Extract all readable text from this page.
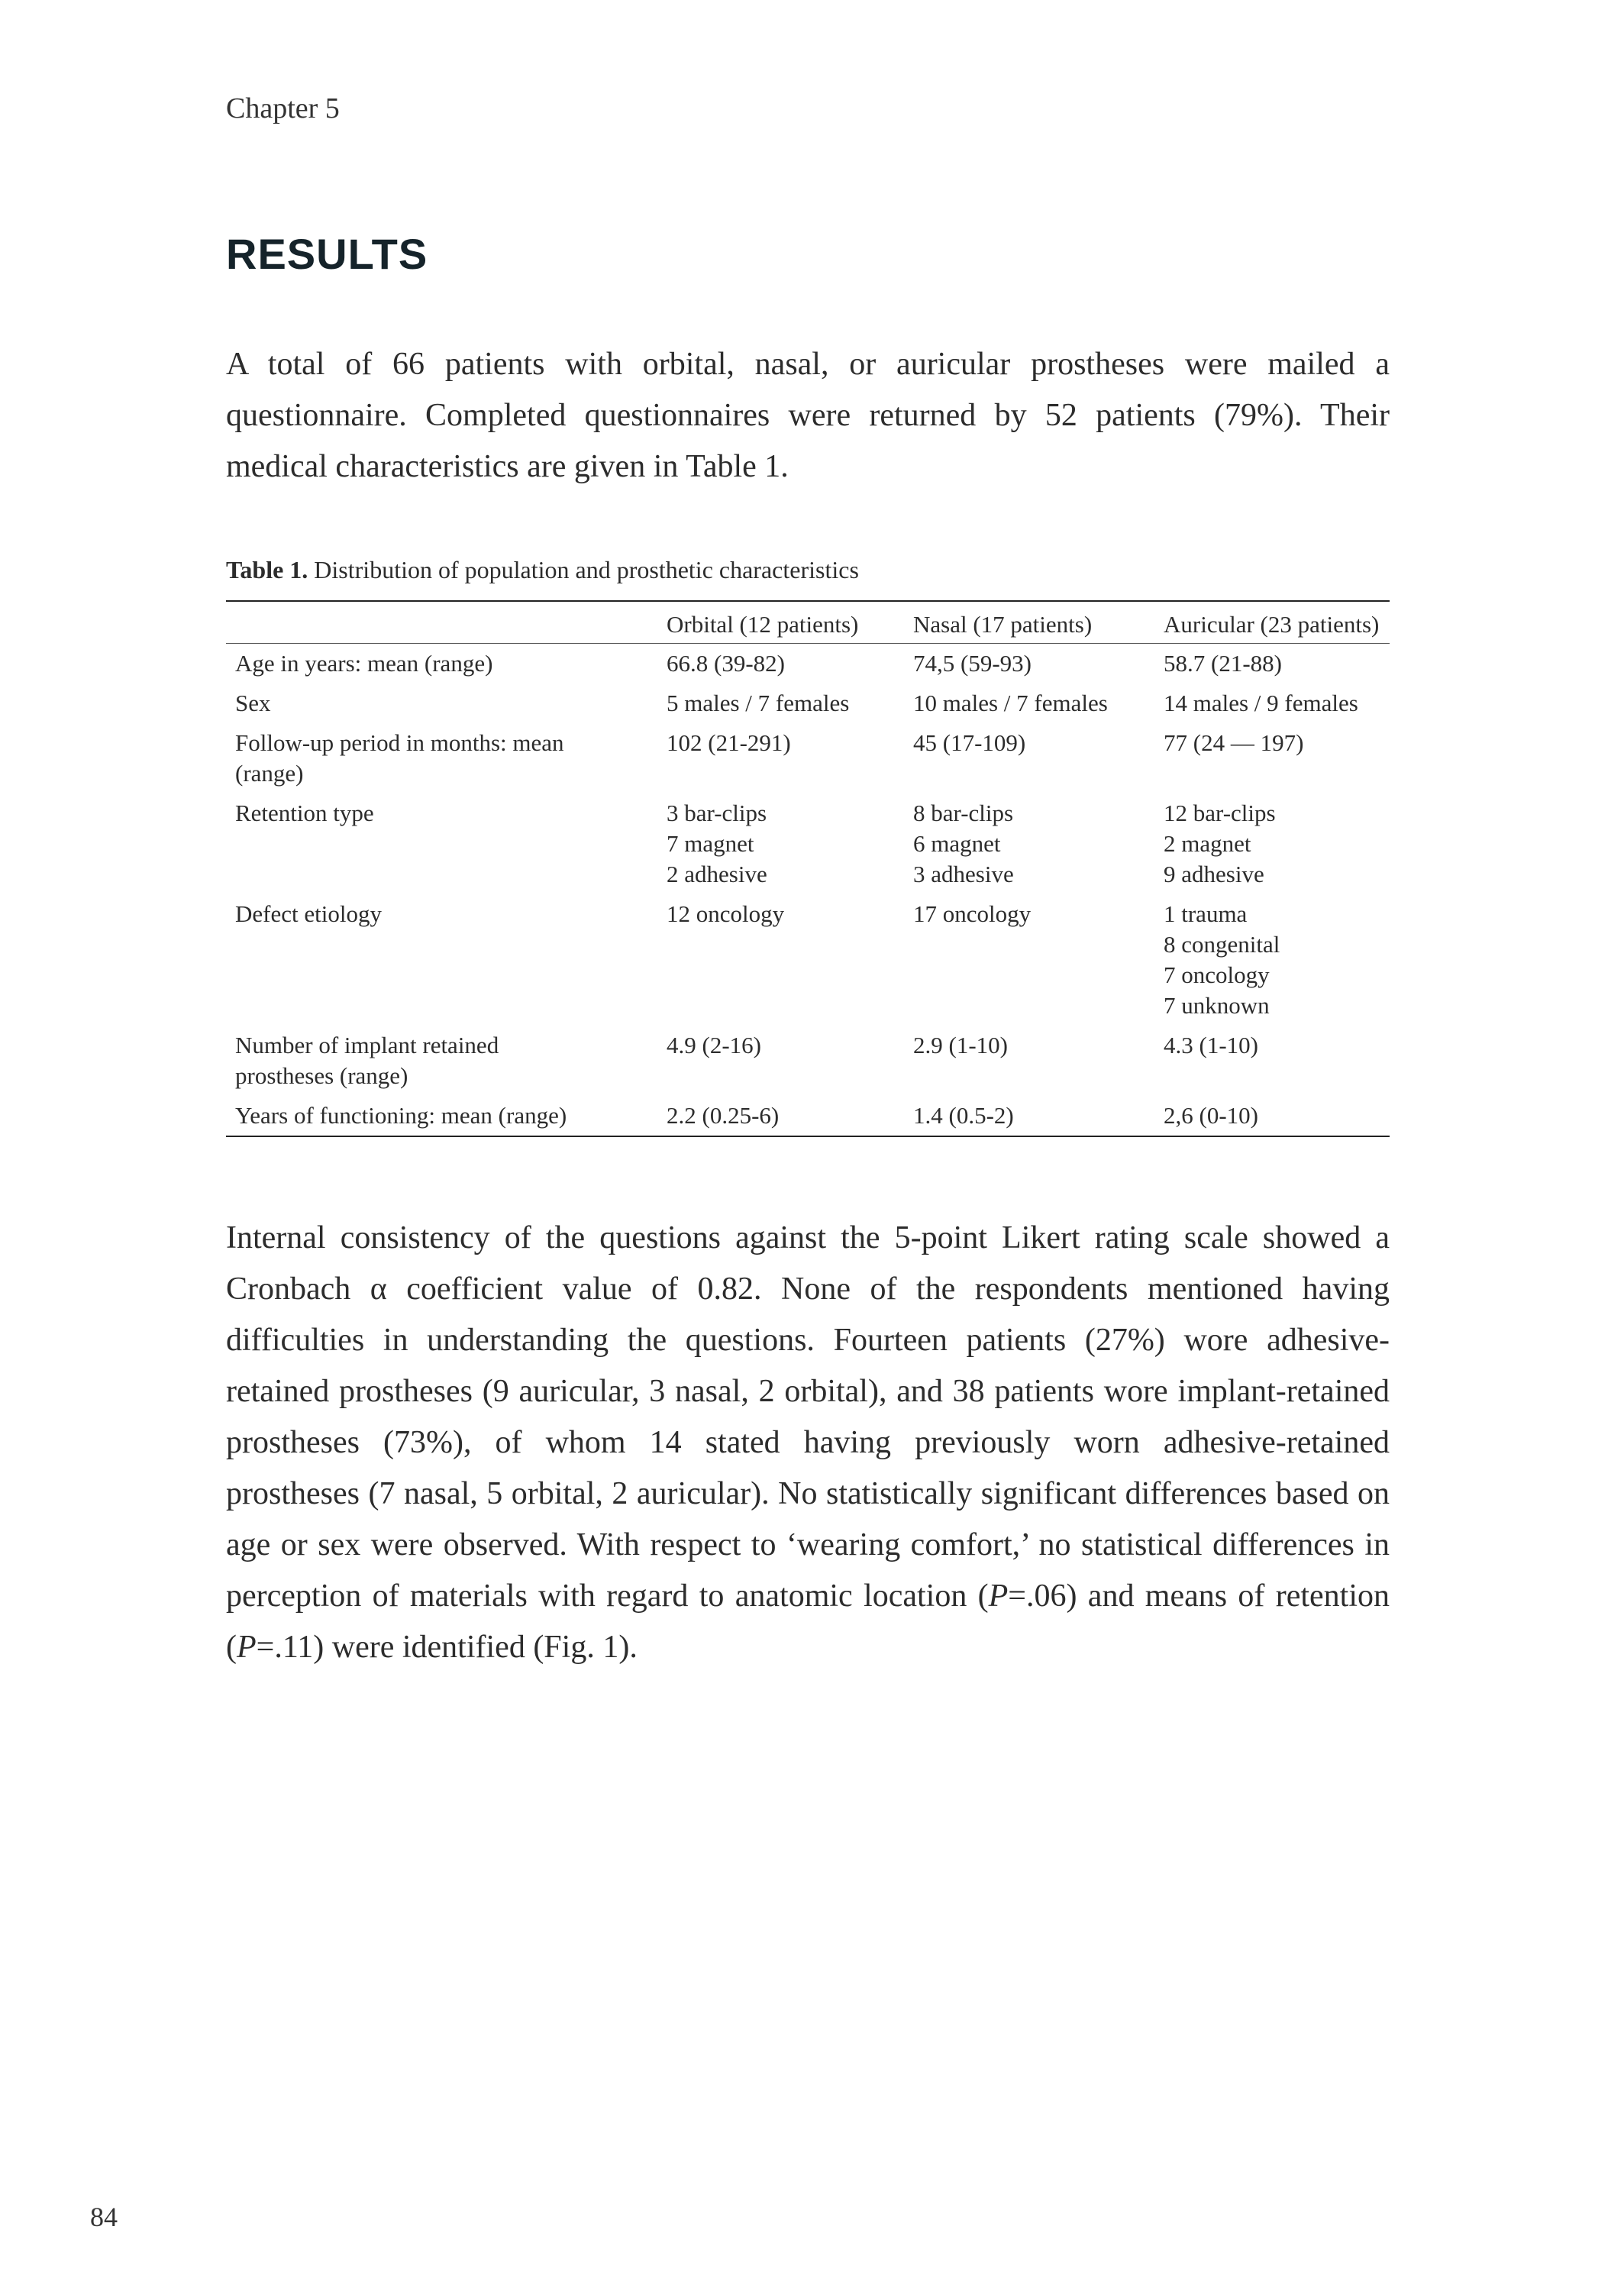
Chapter 5
RESULTS

A total of 66 patients with orbital, nasal, or auricular prostheses were mailed a questionnaire. Completed questionnaires were returned by 52 patients (79%). Their medical characteristics are given in Table 1.

Table 1. Distribution of population and prosthetic characteristics
	Orbital (12 patients)	Nasal (17 patients)	Auricular (23 patients)
Age in years: mean (range)	66.8 (39-82)	74,5 (59-93)	58.7 (21-88)
Sex	5 males / 7 females	10 males / 7 females	14 males / 9 females
Follow-up period in months: mean (range)	102 (21-291)	45 (17-109)	77 (24 — 197)
Retention type	3 bar-clips
7 magnet
2 adhesive	8 bar-clips
6 magnet
3 adhesive	12 bar-clips
2 magnet
9 adhesive
Defect etiology	12 oncology	17 oncology	1 trauma
8 congenital
7 oncology
7 unknown
Number of implant retained prostheses (range)	4.9 (2-16)	2.9 (1-10)	4.3 (1-10)
Years of functioning: mean (range)	2.2 (0.25-6)	1.4 (0.5-2)	2,6 (0-10)

Internal consistency of the questions against the 5-point Likert rating scale showed a Cronbach α coefficient value of 0.82. None of the respondents mentioned having difficulties in understanding the questions. Fourteen patients (27%) wore adhesive-retained prostheses (9 auricular, 3 nasal, 2 orbital), and 38 patients wore implant-retained prostheses (73%), of whom 14 stated having previously worn adhesive-retained prostheses (7 nasal, 5 orbital, 2 auricular). No statistically significant differences based on age or sex were observed. With respect to ‘wearing comfort,’ no statistical differences in perception of materials with regard to anatomic location (P=.06) and means of retention (P=.11) were identified (Fig. 1).

84
